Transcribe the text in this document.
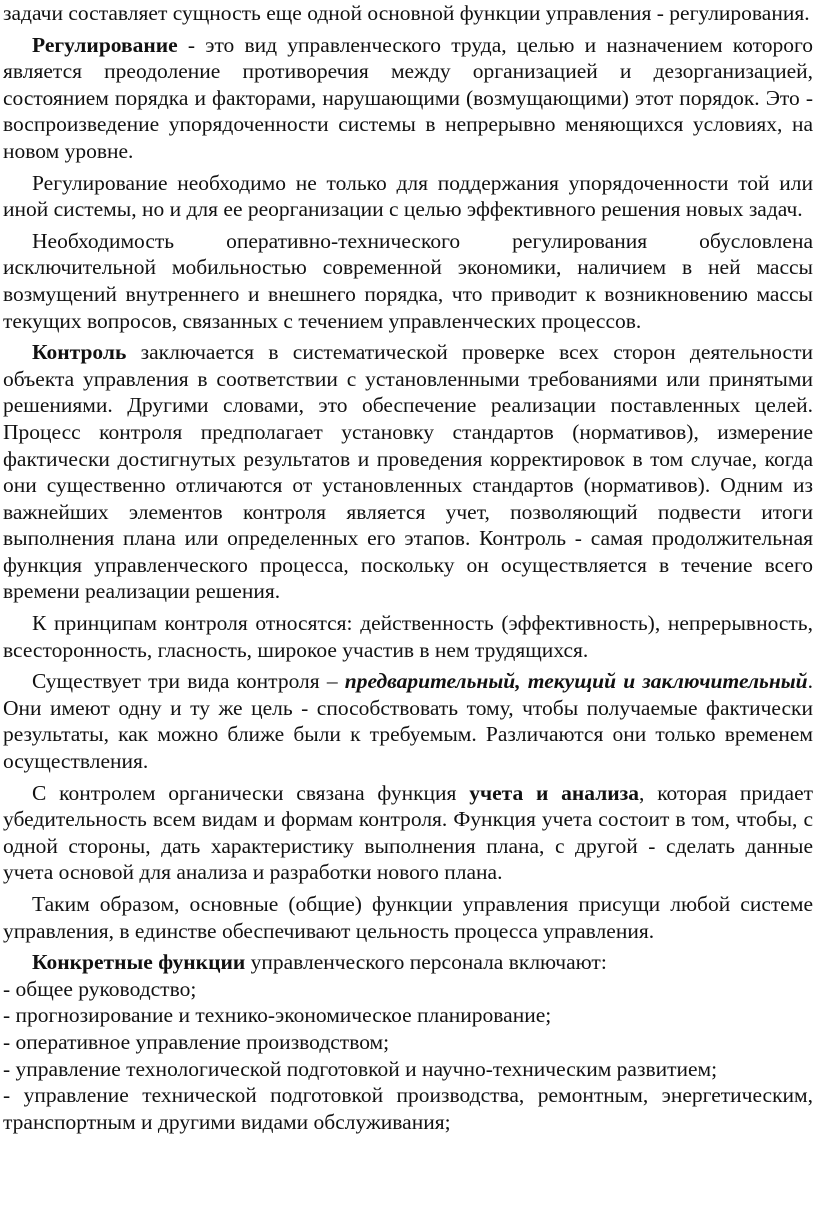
задачи составляет сущность еще одной основной функции управления - регулирования.

Регулирование - это вид управленческого труда, целью и назначением которого является преодоление противоречия между организацией и дезорганизацией, состоянием порядка и факторами, нарушающими (возмущающими) этот порядок. Это - воспроизведение упорядоченности системы в непрерывно меняющихся условиях, на новом уровне.

Регулирование необходимо не только для поддержания упорядоченности той или иной системы, но и для ее реорганизации с целью эффективного решения новых задач.

Необходимость оперативно-технического регулирования обусловлена исключительной мобильностью современной экономики, наличием в ней массы возмущений внутреннего и внешнего порядка, что приводит к возникновению массы текущих вопросов, связанных с течением управленческих процессов.

Контроль заключается в систематической проверке всех сторон деятельности объекта управления в соответствии с установленными требованиями или принятыми решениями. Другими словами, это обеспечение реализации поставленных целей. Процесс контроля предполагает установку стандартов (нормативов), измерение фактически достигнутых результатов и проведения корректировок в том случае, когда они существенно отличаются от установленных стандартов (нормативов). Одним из важнейших элементов контроля является учет, позволяющий подвести итоги выполнения плана или определенных его этапов. Контроль - самая продолжительная функция управленческого процесса, поскольку он осуществляется в течение всего времени реализации решения.

К принципам контроля относятся: действенность (эффективность), непрерывность, всесторонность, гласность, широкое участив в нем трудящихся.

Существует три вида контроля – предварительный, текущий и заключительный. Они имеют одну и ту же цель - способствовать тому, чтобы получаемые фактически результаты, как можно ближе были к требуемым. Различаются они только временем осуществления.

С контролем органически связана функция учета и анализа, которая придает убедительность всем видам и формам контроля. Функция учета состоит в том, чтобы, с одной стороны, дать характеристику выполнения плана, с другой - сделать данные учета основой для анализа и разработки нового плана.

Таким образом, основные (общие) функции управления присущи любой системе управления, в единстве обеспечивают цельность процесса управления.

Конкретные функции управленческого персонала включают:

- общее руководство;

- прогнозирование и технико-экономическое планирование;

- оперативное управление производством;

- управление технологической подготовкой и научно-техническим развитием;

- управление технической подготовкой производства, ремонтным, энергетическим, транспортным и другими видами обслуживания;
